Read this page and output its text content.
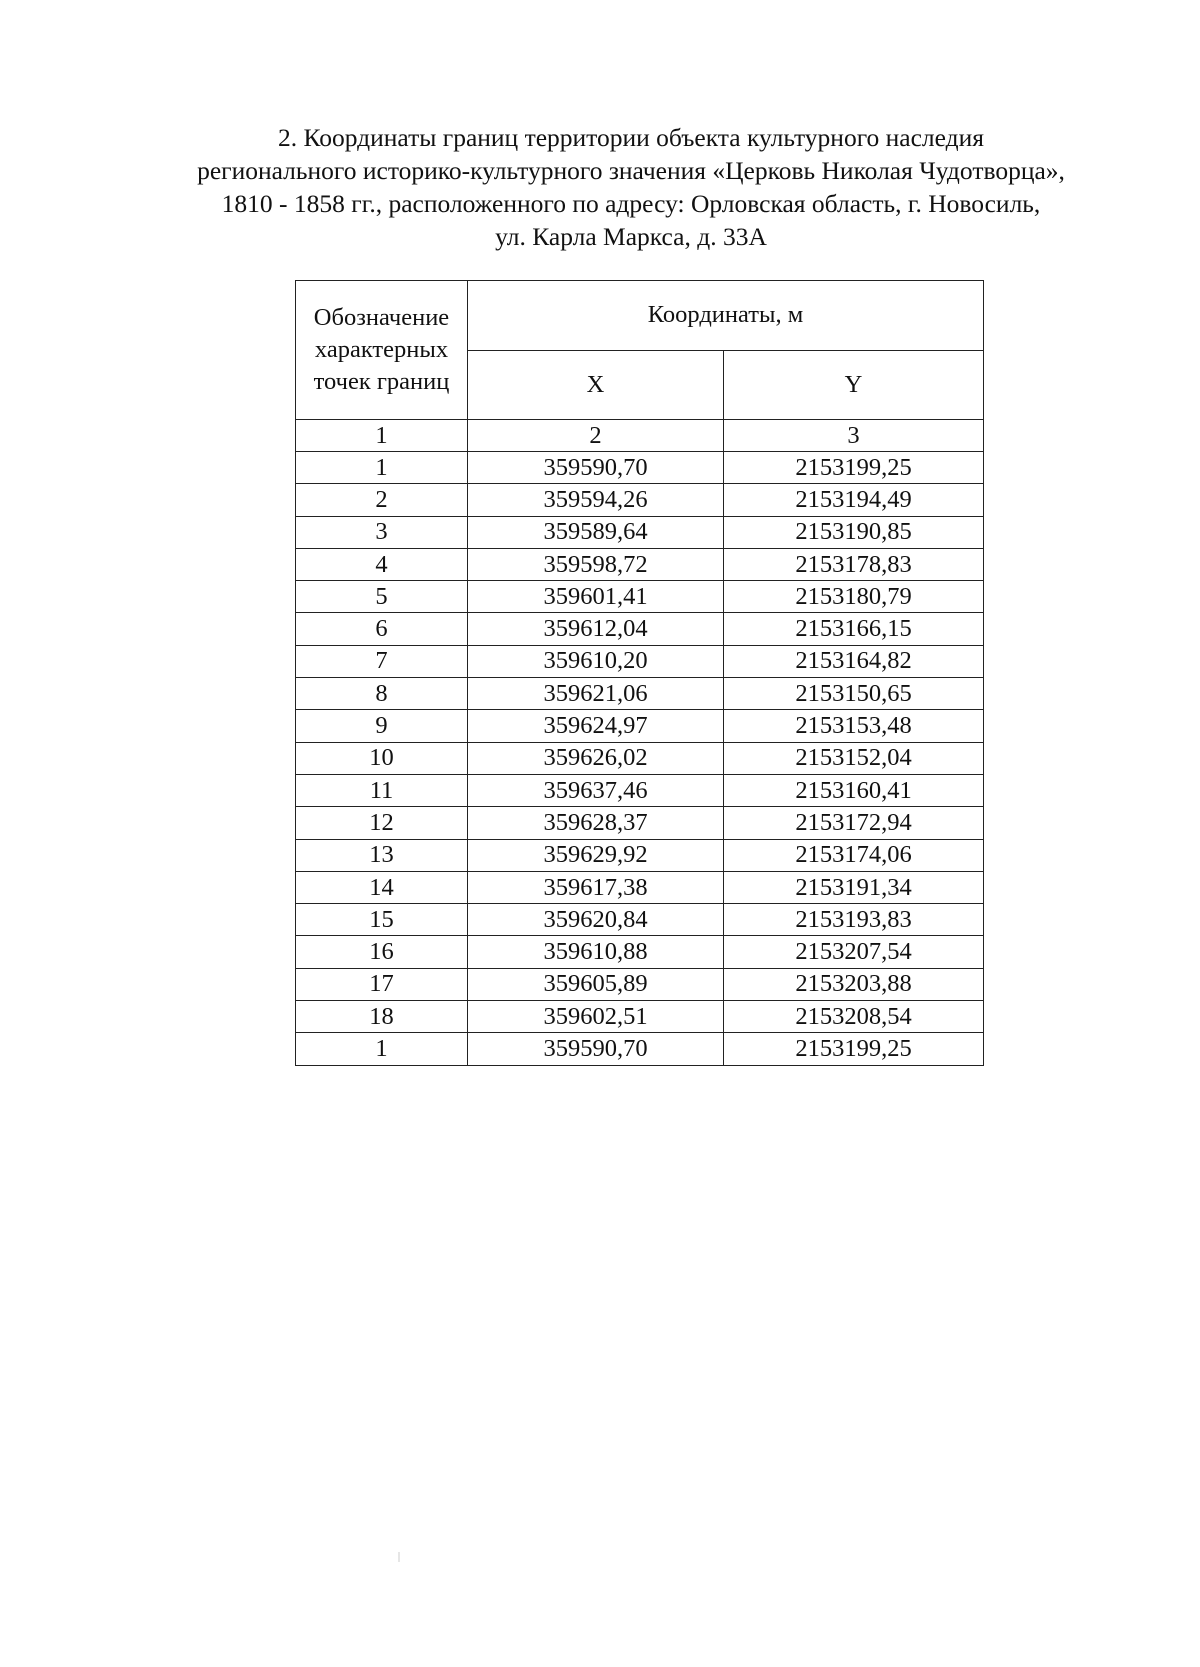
2. Координаты границ территории объекта культурного наследия
регионального историко-культурного значения «Церковь Николая Чудотворца»,
1810 - 1858 гг., расположенного по адресу: Орловская область, г. Новосиль,
ул. Карла Маркса, д. 33А
Обозначение характерных точек границ	Координаты, м	
	X	Y
1	2	3
1	359590,70	2153199,25
2	359594,26	2153194,49
3	359589,64	2153190,85
4	359598,72	2153178,83
5	359601,41	2153180,79
6	359612,04	2153166,15
7	359610,20	2153164,82
8	359621,06	2153150,65
9	359624,97	2153153,48
10	359626,02	2153152,04
11	359637,46	2153160,41
12	359628,37	2153172,94
13	359629,92	2153174,06
14	359617,38	2153191,34
15	359620,84	2153193,83
16	359610,88	2153207,54
17	359605,89	2153203,88
18	359602,51	2153208,54
1	359590,70	2153199,25
